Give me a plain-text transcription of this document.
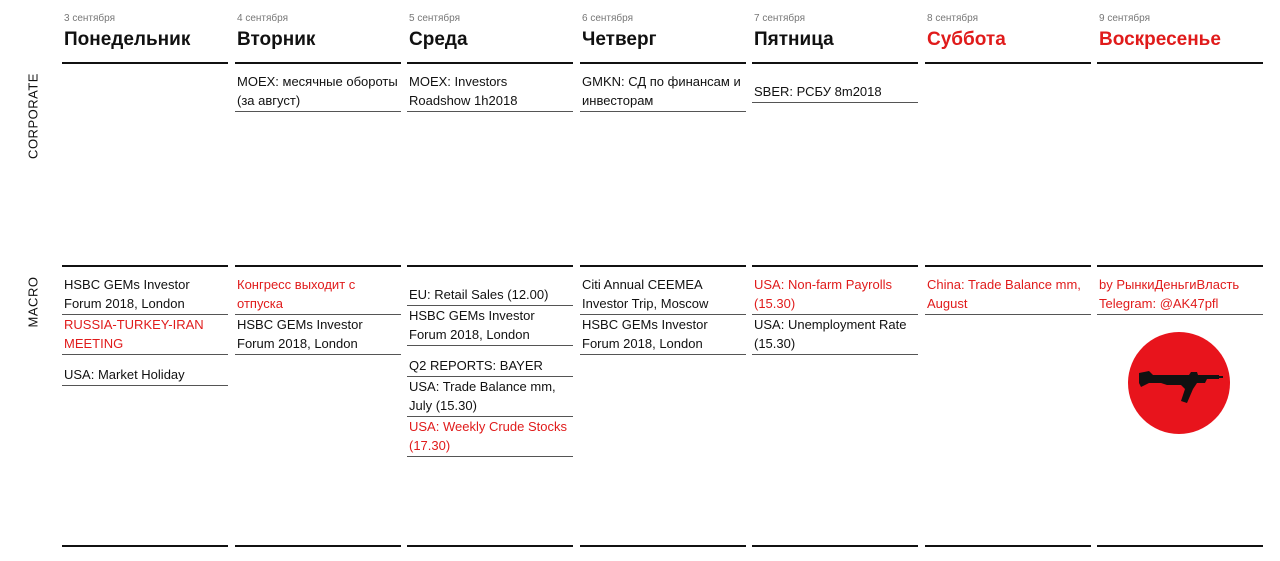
CORPORATE
MACRO
3 сентября
Понедельник
HSBC GEMs Investor Forum 2018, London
RUSSIA-TURKEY-IRAN MEETING
USA: Market Holiday
4 сентября
Вторник
MOEX: месячные обороты (за август)
Конгресс выходит с отпуска
HSBC GEMs Investor Forum 2018, London
5 сентября
Среда
MOEX: Investors Roadshow 1h2018
EU: Retail Sales (12.00)
HSBC GEMs Investor Forum 2018, London
Q2 REPORTS: BAYER
USA: Trade Balance mm, July (15.30)
USA: Weekly Crude Stocks (17.30)
6 сентября
Четверг
GMKN: СД по финансам и инвесторам
Citi Annual CEEMEA Investor Trip, Moscow
HSBC GEMs Investor Forum 2018, London
7 сентября
Пятница
SBER: РСБУ 8m2018
USA: Non-farm Payrolls (15.30)
USA: Unemployment Rate (15.30)
8 сентября
Суббота
China: Trade Balance mm, August
9 сентября
Воскресенье
by РынкиДеньгиВласть Telegram: @AK47pfl
